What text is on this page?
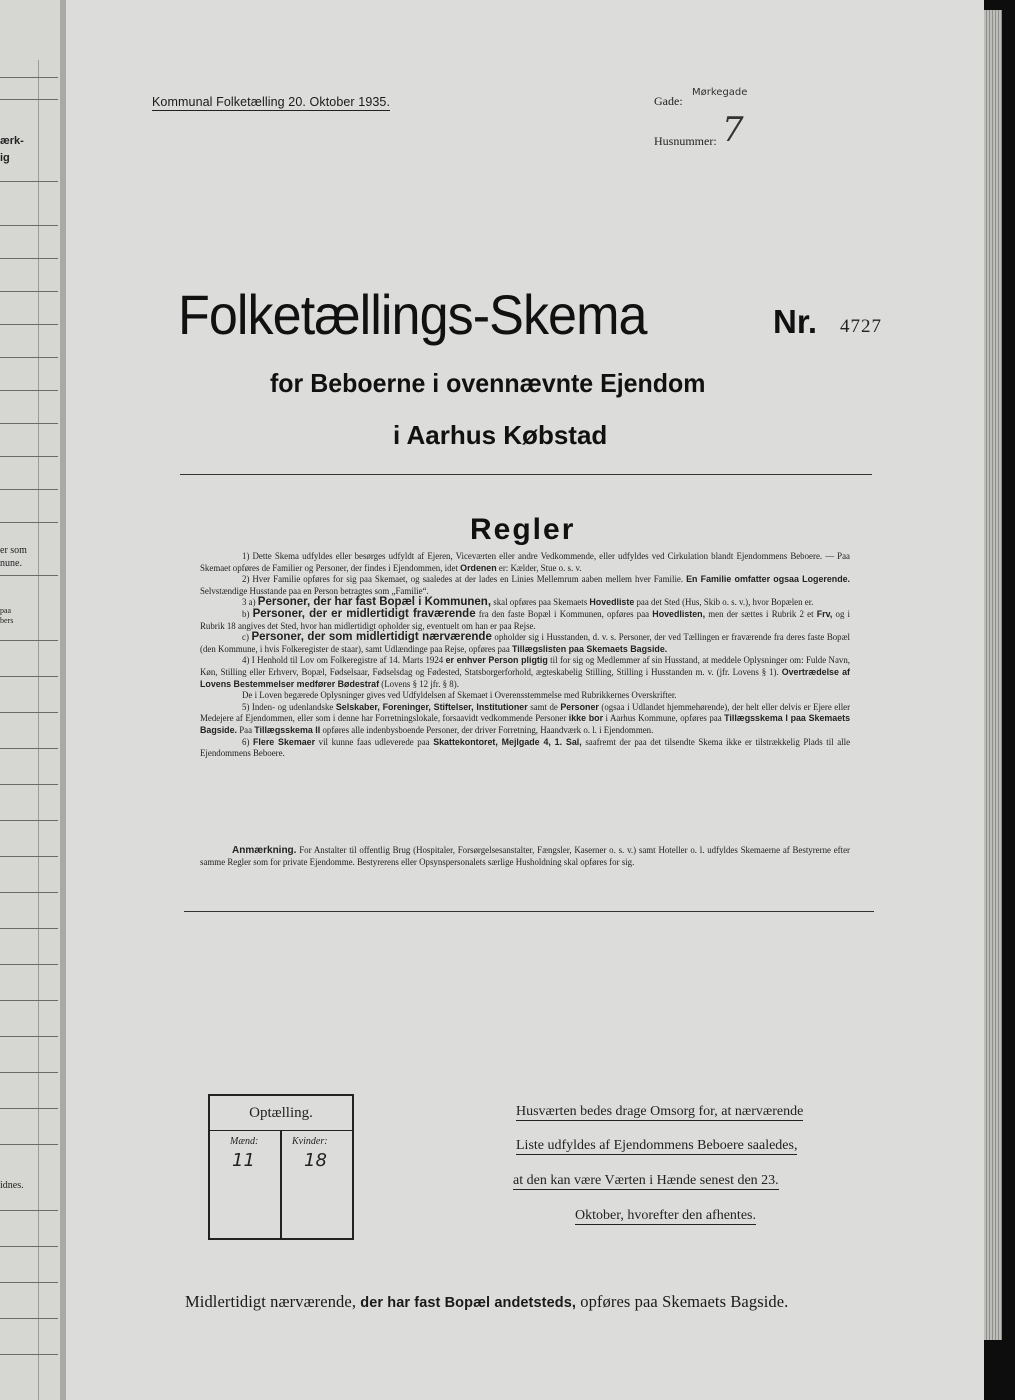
ærk-
ig
er som
nune.
paa
bers
idnes.
Kommunal Folketælling 20. Oktober 1935.	Gade:
Mørkegade
Husnummer: 7
Folketællings-Skema	Nr. 4727
for Beboerne i ovennævnte Ejendom
i Aarhus Købstad
Regler

1) Dette Skema udfyldes eller besørges udfyldt af Ejeren, Viceværten eller andre Vedkommende, eller udfyldes ved Cirkulation blandt Ejendommens Beboere. — Paa Skemaet opføres de Familier og Personer, der findes i Ejendommen, idet Ordenen er: Kælder, Stue o. s. v.

2) Hver Familie opføres for sig paa Skemaet, og saaledes at der lades en Linies Mellemrum aaben mellem hver Familie. En Familie omfatter ogsaa Logerende. Selvstændige Husstande paa en Person betragtes som „Familie“.

3 a) Personer, der har fast Bopæl i Kommunen, skal opføres paa Skemaets Hovedliste paa det Sted (Hus, Skib o. s. v.), hvor Bopælen er.

b) Personer, der er midlertidigt fraværende fra den faste Bopæl i Kommunen, opføres paa Hovedlisten, men der sættes i Rubrik 2 et Frv, og i Rubrik 18 angives det Sted, hvor han midlertidigt opholder sig, eventuelt om han er paa Rejse.

c) Personer, der som midlertidigt nærværende opholder sig i Husstanden, d. v. s. Personer, der ved Tællingen er fraværende fra deres faste Bopæl (den Kommune, i hvis Folkeregister de staar), samt Udlændinge paa Rejse, opføres paa Tillægslisten paa Skemaets Bagside.

4) I Henhold til Lov om Folkeregistre af 14. Marts 1924 er enhver Person pligtig til for sig og Medlemmer af sin Husstand, at meddele Oplysninger om: Fulde Navn, Køn, Stilling eller Erhverv, Bopæl, Fødselsaar, Fødselsdag og Fødested, Statsborgerforhold, ægteskabelig Stilling, Stilling i Husstanden m. v. (jfr. Lovens § 1). Overtrædelse af Lovens Bestemmelser medfører Bødestraf (Lovens § 12 jfr. § 8).

De i Loven begærede Oplysninger gives ved Udfyldelsen af Skemaet i Overensstemmelse med Rubrikkernes Overskrifter.

5) Inden- og udenlandske Selskaber, Foreninger, Stiftelser, Institutioner samt de Personer (ogsaa i Udlandet hjemmehørende), der helt eller delvis er Ejere eller Medejere af Ejendommen, eller som i denne har Forretningslokale, forsaavidt vedkommende Personer ikke bor i Aarhus Kommune, opføres paa Tillægsskema I paa Skemaets Bagside. Paa Tillægsskema II opføres alle indenbysboende Personer, der driver Forretning, Haandværk o. l. i Ejendommen.

6) Flere Skemaer vil kunne faas udleverede paa Skattekontoret, Mejlgade 4, 1. Sal, saafremt der paa det tilsendte Skema ikke er tilstrækkelig Plads til alle Ejendommens Beboere.

Anmærkning. For Anstalter til offentlig Brug (Hospitaler, Forsørgelsesanstalter, Fængsler, Kaserner o. s. v.) samt Hoteller o. l. udfyldes Skemaerne af Bestyrerne efter samme Regler som for private Ejendomme. Bestyrerens eller Opsynspersonalets særlige Husholdning skal opføres for sig.

Optælling.
Mænd:
11
Kvinder:
18
Husværten bedes drage Omsorg for, at nærværende
Liste udfyldes af Ejendommens Beboere saaledes,
at den kan være Værten i Hænde senest den 23.
Oktober, hvorefter den afhentes.
Midlertidigt nærværende, der har fast Bopæl andetsteds, opføres paa Skemaets Bagside.
